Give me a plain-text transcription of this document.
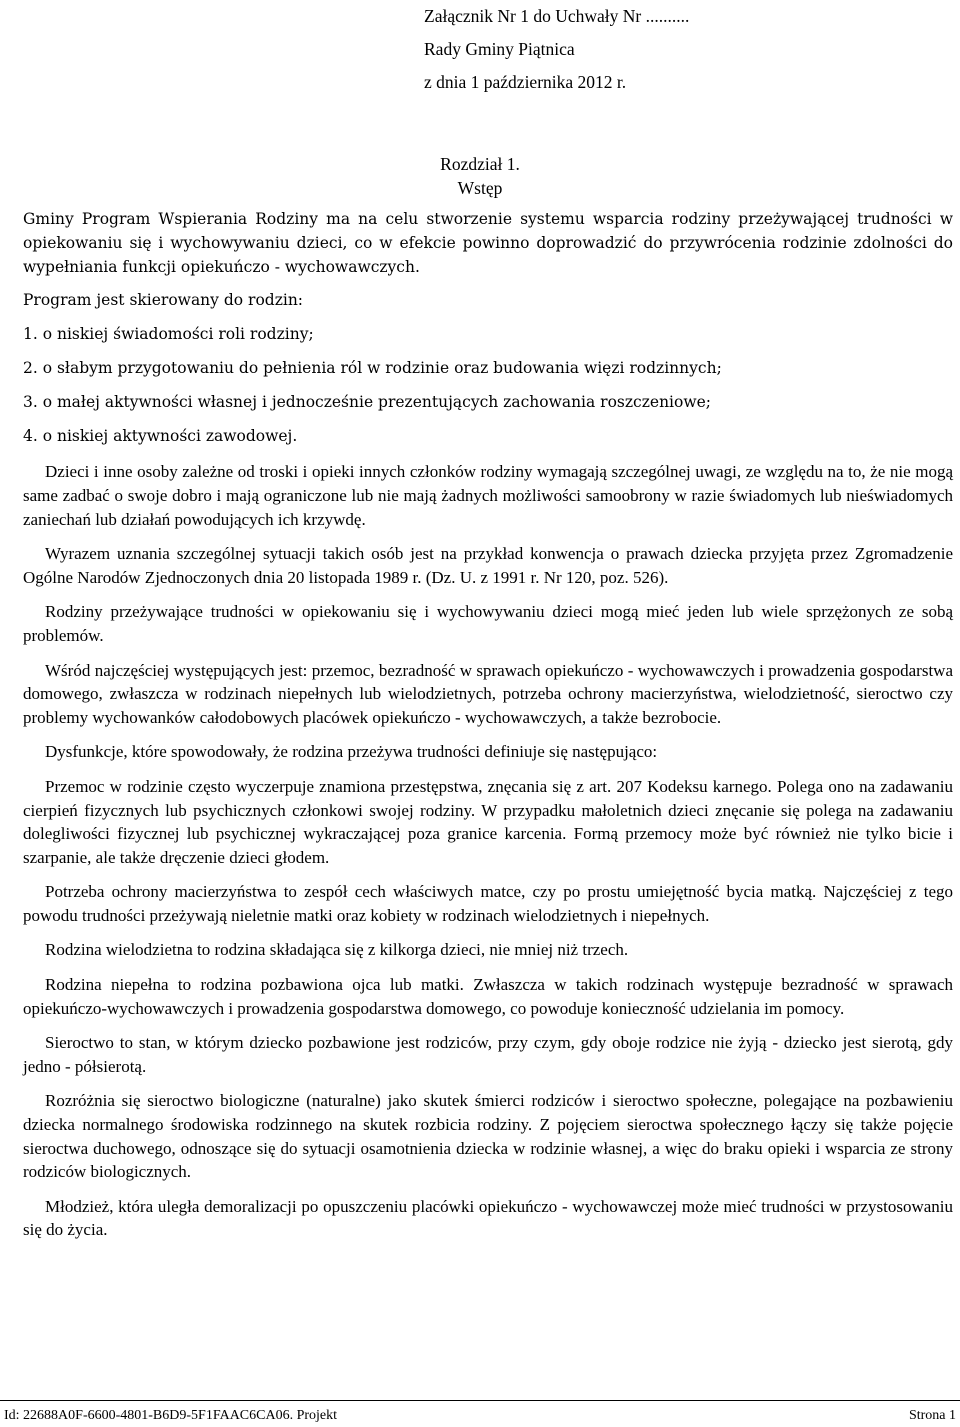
Załącznik Nr 1 do Uchwały Nr ..........
Rady Gminy Piątnica
z dnia 1 października 2012 r.
Rozdział 1.
Wstęp

Gminy Program Wspierania Rodziny ma na celu stworzenie systemu wsparcia rodziny przeżywającej trudności w opiekowaniu się i wychowywaniu dzieci, co w efekcie powinno doprowadzić do przywrócenia rodzinie zdolności do wypełniania funkcji opiekuńczo - wychowawczych.

Program jest skierowany do rodzin:

1. o niskiej świadomości roli rodziny;

2. o słabym przygotowaniu do pełnienia ról w rodzinie oraz budowania więzi rodzinnych;

3. o małej aktywności własnej i jednocześnie prezentujących zachowania roszczeniowe;

4. o niskiej aktywności zawodowej.

Dzieci i inne osoby zależne od troski i opieki innych członków rodziny wymagają szczególnej uwagi, ze względu na to, że nie mogą same zadbać o swoje dobro i mają ograniczone lub nie mają żadnych możliwości samoobrony w razie świadomych lub nieświadomych zaniechań lub działań powodujących ich krzywdę.

Wyrazem uznania szczególnej sytuacji takich osób jest na przykład konwencja o prawach dziecka przyjęta przez Zgromadzenie Ogólne Narodów Zjednoczonych dnia 20 listopada 1989 r. (Dz. U. z 1991 r. Nr 120, poz. 526).

Rodziny przeżywające trudności w opiekowaniu się i wychowywaniu dzieci mogą mieć jeden lub wiele sprzężonych ze sobą problemów.

Wśród najczęściej występujących jest: przemoc, bezradność w sprawach opiekuńczo - wychowawczych i prowadzenia gospodarstwa domowego, zwłaszcza w rodzinach niepełnych lub wielodzietnych, potrzeba ochrony macierzyństwa, wielodzietność, sieroctwo czy problemy wychowanków całodobowych placówek opiekuńczo - wychowawczych, a także bezrobocie.

Dysfunkcje, które spowodowały, że rodzina przeżywa trudności definiuje się następująco:

Przemoc w rodzinie często wyczerpuje znamiona przestępstwa, znęcania się z art. 207 Kodeksu karnego. Polega ono na zadawaniu cierpień fizycznych lub psychicznych członkowi swojej rodziny. W przypadku małoletnich dzieci znęcanie się polega na zadawaniu dolegliwości fizycznej lub psychicznej wykraczającej poza granice karcenia. Formą przemocy może być również nie tylko bicie i szarpanie, ale także dręczenie dzieci głodem.

Potrzeba ochrony macierzyństwa to zespół cech właściwych matce, czy po prostu umiejętność bycia matką. Najczęściej z tego powodu trudności przeżywają nieletnie matki oraz kobiety w rodzinach wielodzietnych i niepełnych.

Rodzina wielodzietna to rodzina składająca się z kilkorga dzieci, nie mniej niż trzech.

Rodzina niepełna to rodzina pozbawiona ojca lub matki. Zwłaszcza w takich rodzinach występuje bezradność w sprawach opiekuńczo-wychowawczych i prowadzenia gospodarstwa domowego, co powoduje konieczność udzielania im pomocy.

Sieroctwo to stan, w którym dziecko pozbawione jest rodziców, przy czym, gdy oboje rodzice nie żyją - dziecko jest sierotą, gdy jedno - półsierotą.

Rozróżnia się sieroctwo biologiczne (naturalne) jako skutek śmierci rodziców i sieroctwo społeczne, polegające na pozbawieniu dziecka normalnego środowiska rodzinnego na skutek rozbicia rodziny. Z pojęciem sieroctwa społecznego łączy się także pojęcie sieroctwa duchowego, odnoszące się do sytuacji osamotnienia dziecka w rodzinie własnej, a więc do braku opieki i wsparcia ze strony rodziców biologicznych.

Młodzież, która uległa demoralizacji po opuszczeniu placówki opiekuńczo - wychowawczej może mieć trudności w przystosowaniu się do życia.

Id: 22688A0F-6600-4801-B6D9-5F1FAAC6CA06. Projekt	Strona 1
